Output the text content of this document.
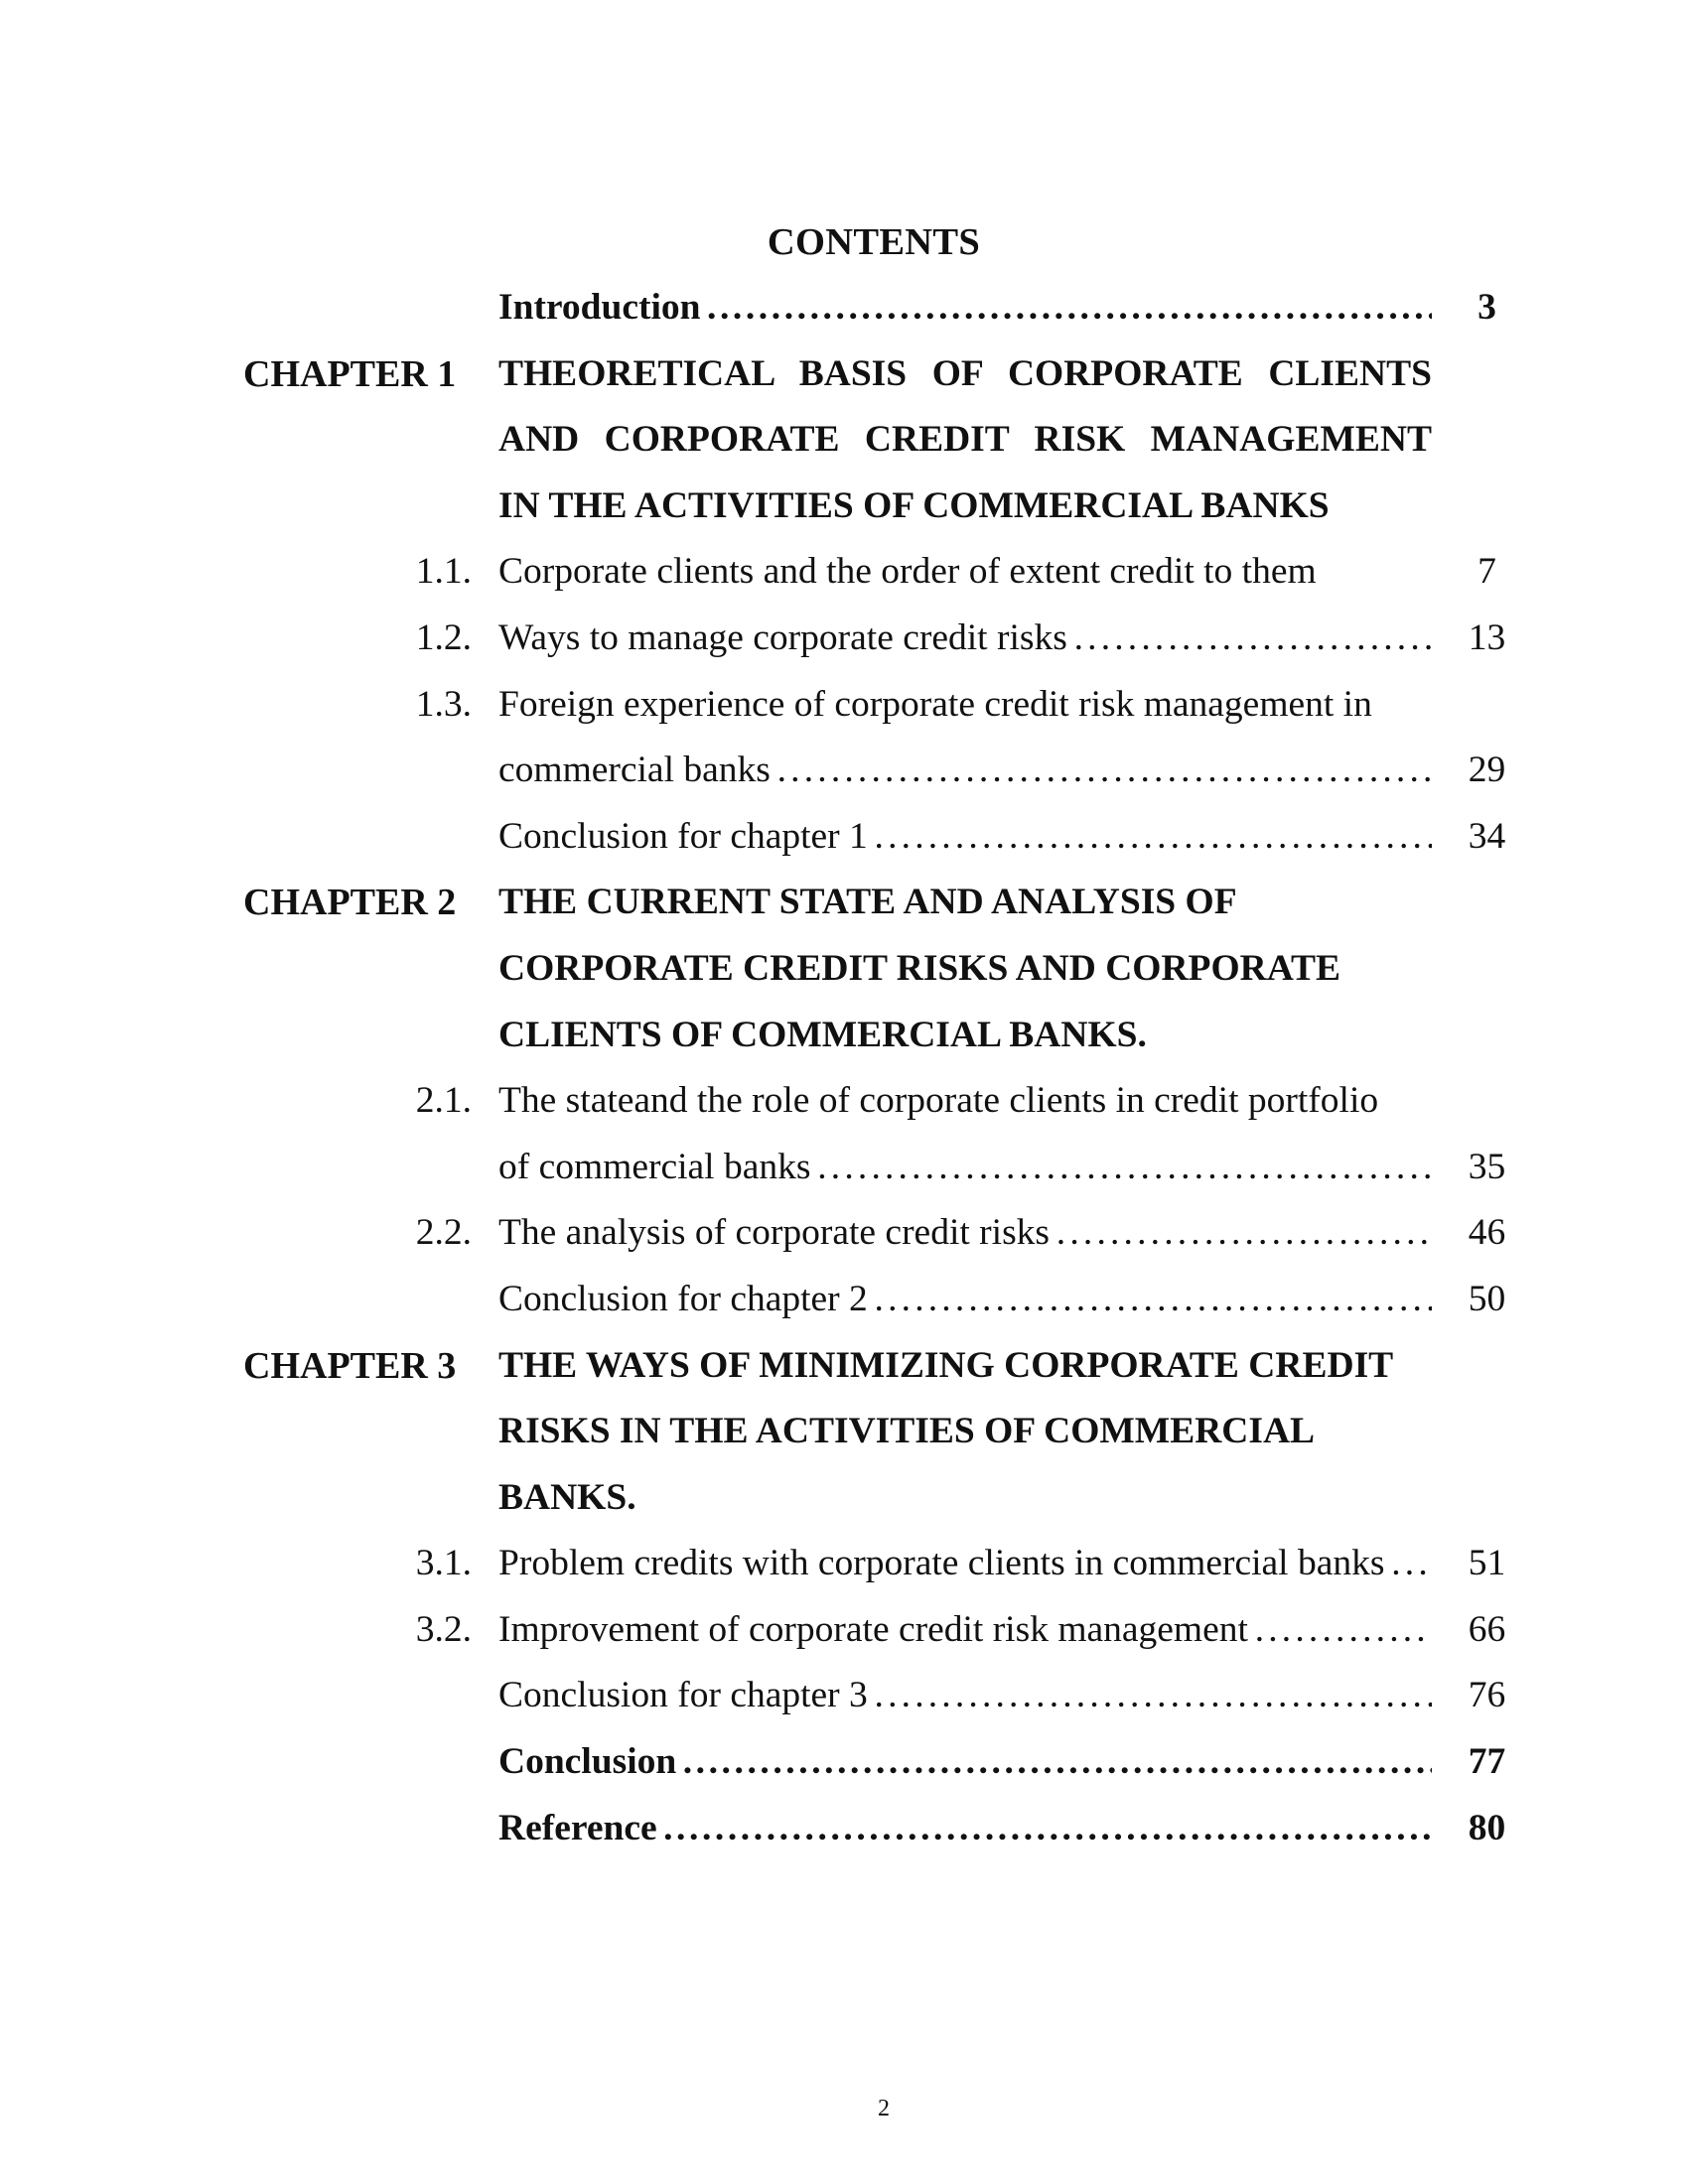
CONTENTS
Introduction . . .	3
CHAPTER 1 THEORETICAL BASIS OF CORPORATE CLIENTS
AND CORPORATE CREDIT RISK MANAGEMENT
IN THE ACTIVITIES OF COMMERCIAL BANKS
1.1. Corporate clients and the order of extent credit to them	7
1.2. Ways to manage corporate credit risks . . .	13
1.3. Foreign experience of corporate credit risk management in
commercial banks . . .	29
Conclusion for chapter 1 . . .	34
CHAPTER 2 THE CURRENT STATE AND ANALYSIS OF
CORPORATE CREDIT RISKS AND CORPORATE
CLIENTS OF COMMERCIAL BANKS.
2.1. The stateand the role of corporate clients in credit portfolio
of commercial banks . . .	35
2.2. The analysis of corporate credit risks . . .	46
Conclusion for chapter 2 . . .	50
CHAPTER 3 THE WAYS OF MINIMIZING CORPORATE CREDIT
RISKS IN THE ACTIVITIES OF COMMERCIAL
BANKS.
3.1. Problem credits with corporate clients in commercial banks . . .	51
3.2. Improvement of corporate credit risk management . . .	66
Conclusion for chapter 3 . . .	76
Conclusion . . .	77
Reference . . .	80
2
